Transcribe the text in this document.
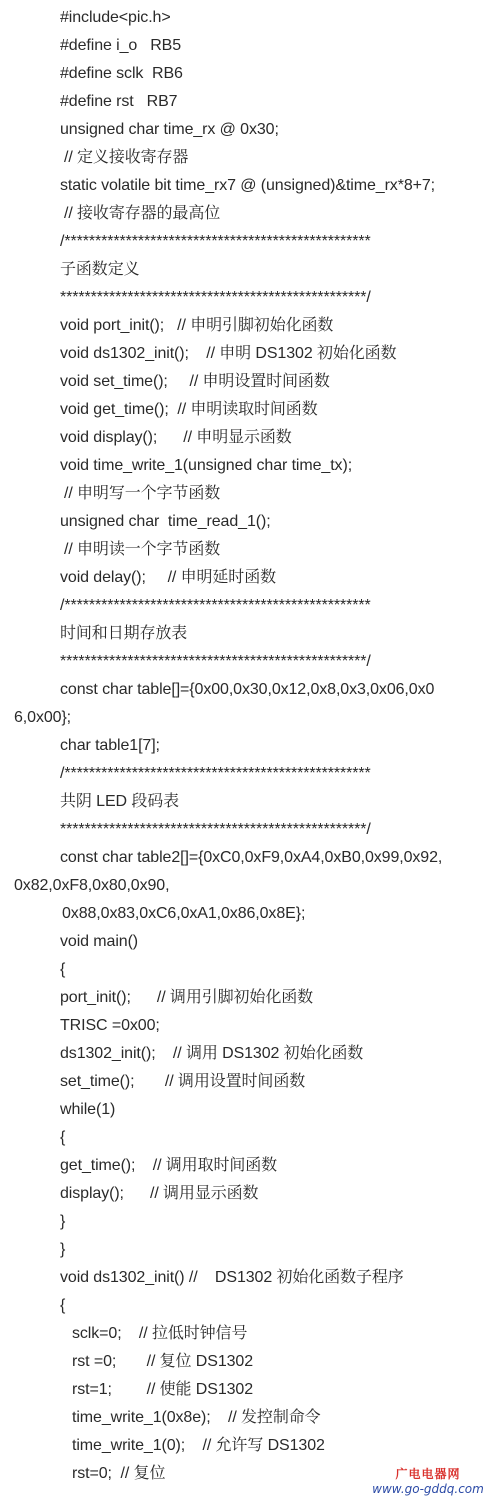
#include<pic.h>
#define i_o   RB5
#define sclk  RB6
#define rst   RB7
unsigned char time_rx @ 0x30;
// 定义接收寄存器
static volatile bit time_rx7 @ (unsigned)&time_rx*8+7;
// 接收寄存器的最高位
/**************************************************
子函数定义
**************************************************/
void port_init();   // 申明引脚初始化函数
void ds1302_init();    // 申明 DS1302 初始化函数
void set_time();     // 申明设置时间函数
void get_time();  // 申明读取时间函数
void display();      // 申明显示函数
void time_write_1(unsigned char time_tx);
// 申明写一个字节函数
unsigned char  time_read_1();
// 申明读一个字节函数
void delay();     // 申明延时函数
/**************************************************
时间和日期存放表
**************************************************/
const char table[]={0x00,0x30,0x12,0x8,0x3,0x06,0x0
6,0x00};
char table1[7];
/**************************************************
共阴 LED 段码表
**************************************************/
const char table2[]={0xC0,0xF9,0xA4,0xB0,0x99,0x92,
0x82,0xF8,0x80,0x90,
0x88,0x83,0xC6,0xA1,0x86,0x8E};
void main()
{
port_init();      // 调用引脚初始化函数
TRISC =0x00;
ds1302_init();    // 调用 DS1302 初始化函数
set_time();       // 调用设置时间函数
while(1)
{
get_time();    // 调用取时间函数
display();      // 调用显示函数
}
}
void ds1302_init() //    DS1302 初始化函数子程序
{
sclk=0;    // 拉低时钟信号
rst =0;       // 复位 DS1302
rst=1;        // 使能 DS1302
time_write_1(0x8e);    // 发控制命令
time_write_1(0);    // 允许写 DS1302
rst=0;  // 复位	广电电器网
www.go-gddq.com
